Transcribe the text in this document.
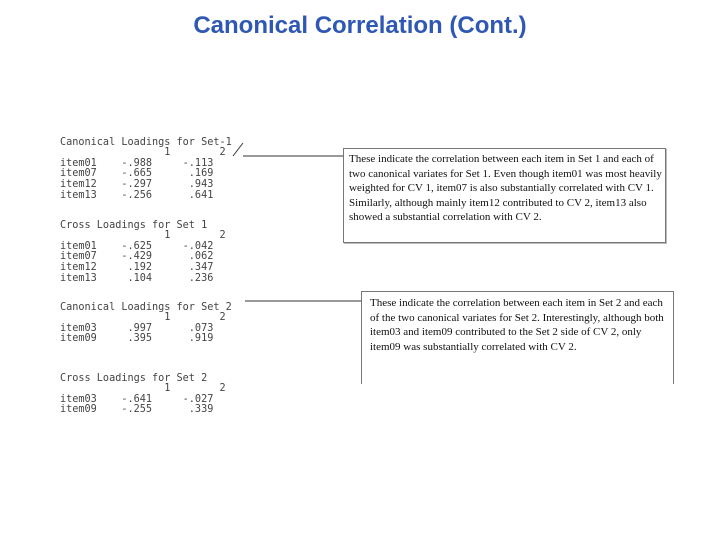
Canonical Correlation (Cont.)

Canonical Loadings for Set-1
1        2
item01    -.988     -.113
item07    -.665      .169
item12    -.297      .943
item13    -.256      .641

Cross Loadings for Set 1
1        2
item01    -.625     -.042
item07    -.429      .062
item12     .192      .347
item13     .104      .236

Canonical Loadings for Set 2
1        2
item03     .997      .073
item09     .395      .919

Cross Loadings for Set 2
1        2
item03    -.641     -.027
item09    -.255      .339

These indicate the correlation between each item in Set 1 and each of two canonical variates for Set 1. Even though item01 was most heavily weighted for CV 1, item07 is also substantially correlated with CV 1. Similarly, although mainly item12 contributed to CV 2, item13 also showed a substantial correlation with CV 2.

These indicate the correlation between each item in Set 2 and each of the two canonical variates for Set 2. Interestingly, although both item03 and item09 contributed to the Set 2 side of CV 2, only item09 was substantially correlated with CV 2.
